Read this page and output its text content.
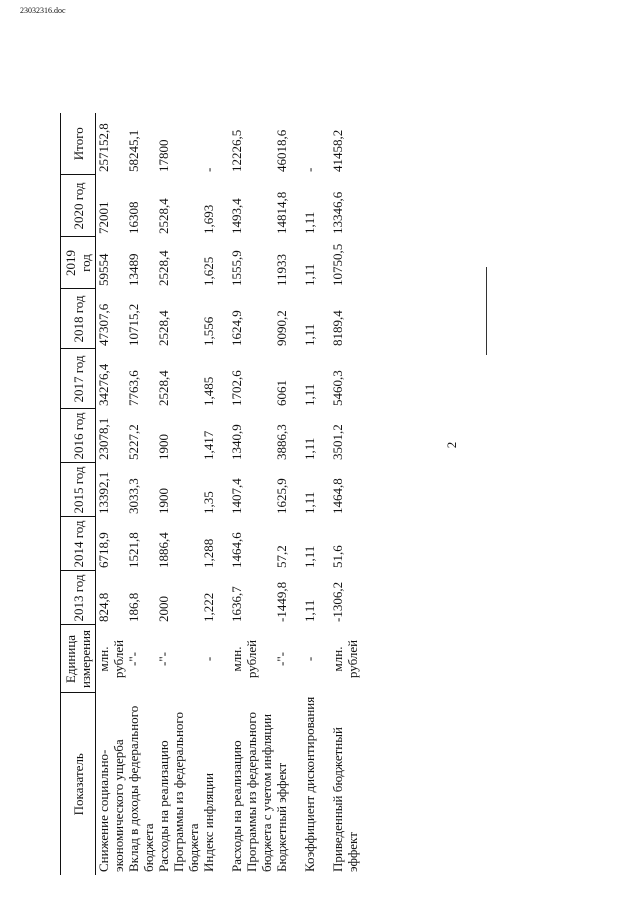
2
Показатель	Единица измерения	2013 год	2014 год	2015 год	2016 год	2017 год	2018 год	2019 год	2020 год	Итого
Снижение социально-экономического ущерба	млн. рублей	824,8	6718,9	13392,1	23078,1	34276,4	47307,6	59554	72001	257152,8
Вклад в доходы федерального бюджета	-"-	186,8	1521,8	3033,3	5227,2	7763,6	10715,2	13489	16308	58245,1
Расходы на реализацию Программы из федерального бюджета	-"-	2000	1886,4	1900	1900	2528,4	2528,4	2528,4	2528,4	17800
Индекс инфляции	-	1,222	1,288	1,35	1,417	1,485	1,556	1,625	1,693	-
Расходы на реализацию Программы из федерального бюджета с учетом инфляции	млн. рублей	1636,7	1464,6	1407,4	1340,9	1702,6	1624,9	1555,9	1493,4	12226,5
Бюджетный эффект	-"-	-1449,8	57,2	1625,9	3886,3	6061	9090,2	11933	14814,8	46018,6
Коэффициент дисконтирования	-	1,11	1,11	1,11	1,11	1,11	1,11	1,11	1,11	-
Приведенный бюджетный эффект	млн. рублей	-1306,2	51,6	1464,8	3501,2	5460,3	8189,4	10750,5	13346,6	41458,2
23032316.doc
